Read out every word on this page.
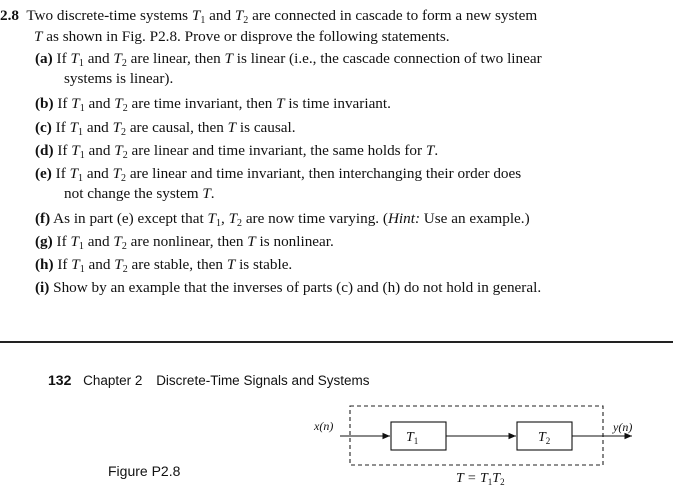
2.8 Two discrete-time systems $T_1$ and $T_2$ are connected in cascade to form a new system
T as shown in Fig. P2.8. Prove or disprove the following statements.
(a) If $T_1$ and $T_2$ are linear, then T is linear (i.e., the cascade connection of two linear
systems is linear).
(b) If $T_1$ and $T_2$ are time invariant, then T is time invariant.
(c) If $T_1$ and $T_2$ are causal, then T is causal.
(d) If $T_1$ and $T_2$ are linear and time invariant, the same holds for T.
(e) If $T_1$ and $T_2$ are linear and time invariant, then interchanging their order does
not change the system T.
(f) As in part (e) except that $T_1$, $T_2$ are now time varying. (Hint: Use an example.)
(g) If $T_1$ and $T_2$ are nonlinear, then T is nonlinear.
(h) If $T_1$ and $T_2$ are stable, then T is stable.
(i) Show by an example that the inverses of parts (c) and (h) do not hold in general.
132 Chapter 2 Discrete-Time Signals and Systems
Figure P2.8
$T_1$	$T_2$
x(n)	y(n)
$T = T_1T_2$
